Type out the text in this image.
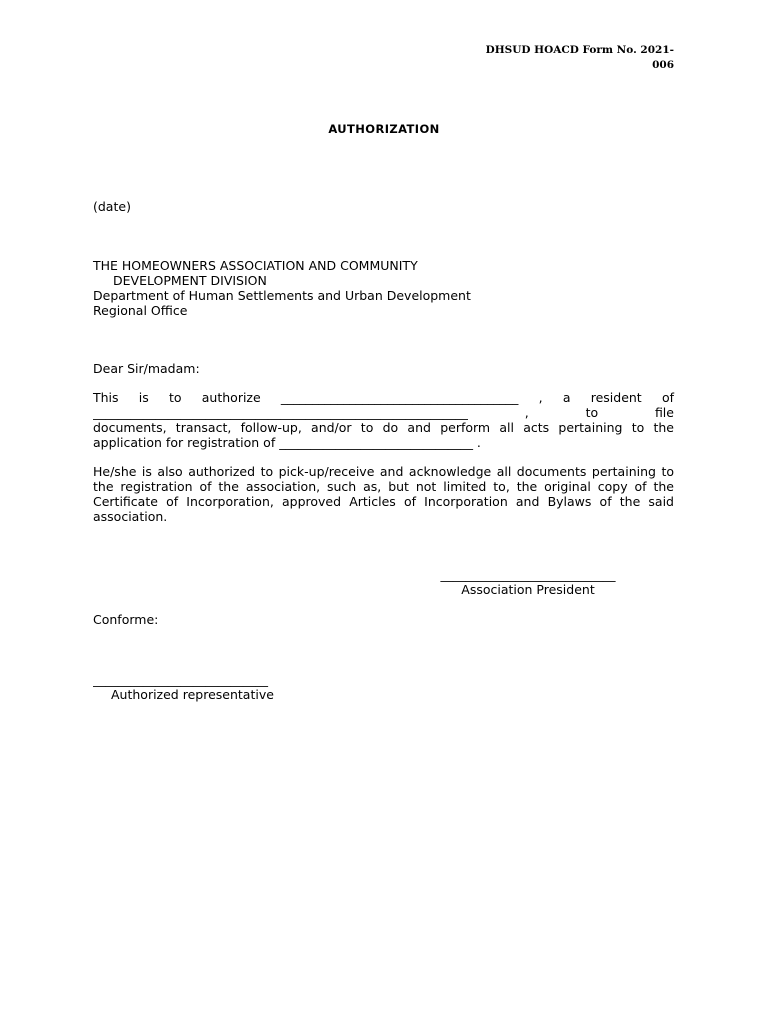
DHSUD HOACD Form No. 2021-006
AUTHORIZATION
(date)
THE HOMEOWNERS ASSOCIATION AND COMMUNITY
DEVELOPMENT DIVISION
Department of Human Settlements and Urban Development
Regional Office
Dear Sir/madam:
This is to authorize ______________________________________ , a resident of
____________________________________________________________	,	to	file
documents, transact, follow-up, and/or to do and perform all acts pertaining to the
application for registration of _______________________________ .
He/she is also authorized to pick-up/receive and acknowledge all documents pertaining to the registration of the association, such as, but not limited to, the original copy of the Certificate of Incorporation, approved Articles of Incorporation and Bylaws of the said association.
____________________________
Association President
Conforme:
____________________________
Authorized representative
